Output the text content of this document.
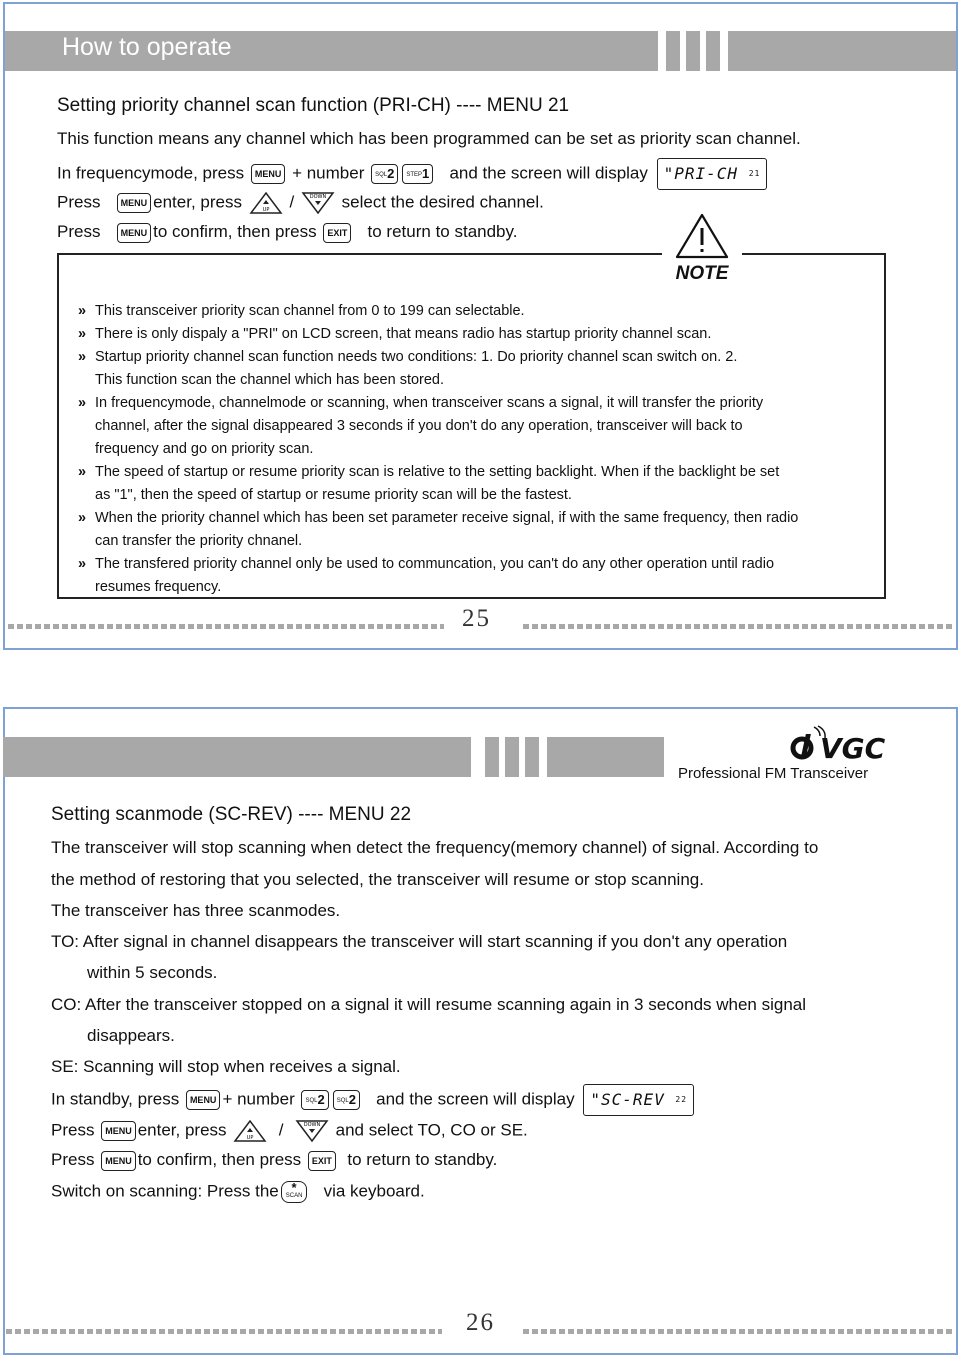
How to operate
Setting priority channel scan function (PRI-CH) ---- MENU 21
This function means any channel which has been programmed can be set as priority scan channel.
In frequencymode, press MENU + number SQL2 STEP1 and the screen will display "PRI-CH $^{21}$
Press MENU enter, press	UP /	DOWN select the desired channel.
Press MENU to confirm, then press EXIT to return to standby.
NOTE
» This transceiver priority scan channel from 0 to 199 can selectable.
» There is only dispaly a "PRI" on LCD screen, that means radio has startup priority channel scan.
» Startup priority channel scan function needs two conditions: 1. Do priority channel scan switch on. 2.
This function scan the channel which has been stored.
» In frequencymode, channelmode or scanning, when transceiver scans a signal, it will transfer the priority
channel, after the signal disappeared 3 seconds if you don't do any operation, transceiver will back to
frequency and go on priority scan.
» The speed of startup or resume priority scan is relative to the setting backlight. When if the backlight be set
as "1", then the speed of startup or resume priority scan will be the fastest.
» When the priority channel which has been set parameter receive signal, if with the same frequency, then radio
can transfer the priority chnanel.
» The transfered priority channel only be used to communcation, you can't do any other operation until radio
resumes frequency.
25
VGC
Professional FM Transceiver
Setting scanmode (SC-REV) ---- MENU 22
The transceiver will stop scanning when detect the frequency(memory channel) of signal. According to
the method of restoring that you selected, the transceiver will resume or stop scanning.
The transceiver has three scanmodes.
TO: After signal in channel disappears the transceiver will start scanning if you don't any operation
within 5 seconds.
CO: After the transceiver stopped on a signal it will resume scanning again in 3 seconds when signal
disappears.
SE: Scanning will stop when receives a signal.
In standby, press MENU + number SQL2 SQL2 and the screen will display "SC-REV $^{22}$
Press MENU enter, press	UP /	DOWN and select TO, CO or SE.
Press MENU to confirm, then press EXIT to return to standby.
Switch on scanning: Press the *
SCAN via keyboard.
26
